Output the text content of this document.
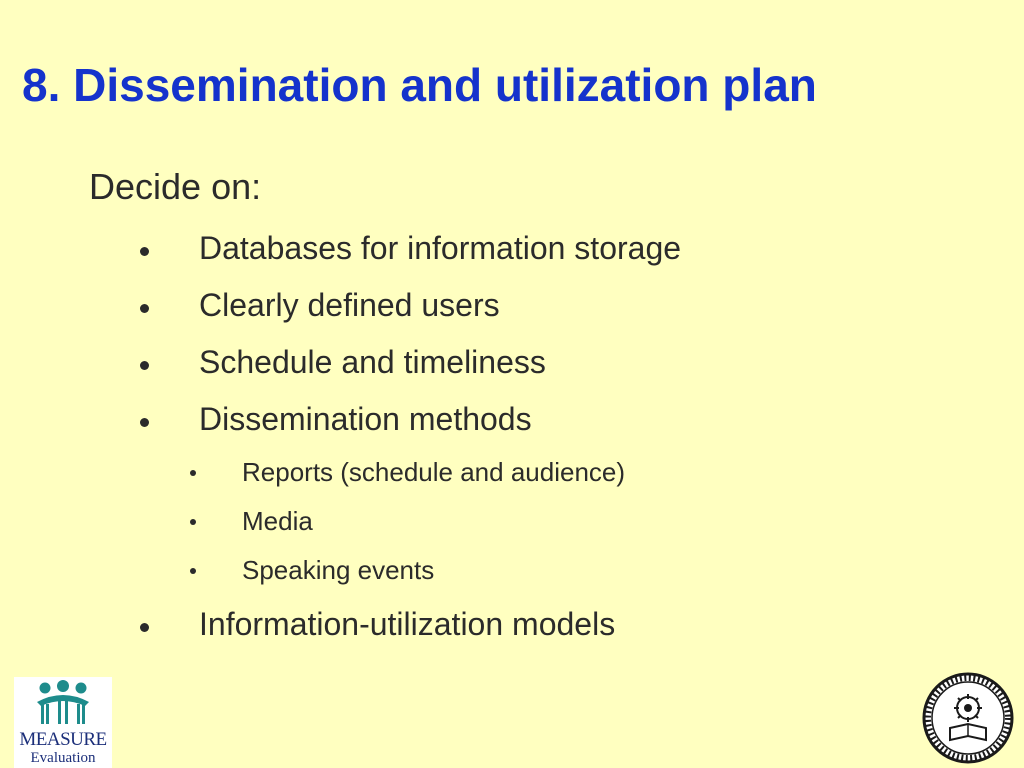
8. Dissemination and utilization plan
Decide on:
Databases for information storage
Clearly defined users
Schedule and timeliness
Dissemination methods
Reports (schedule and audience)
Media
Speaking events
Information-utilization models
MEASURE
Evaluation
